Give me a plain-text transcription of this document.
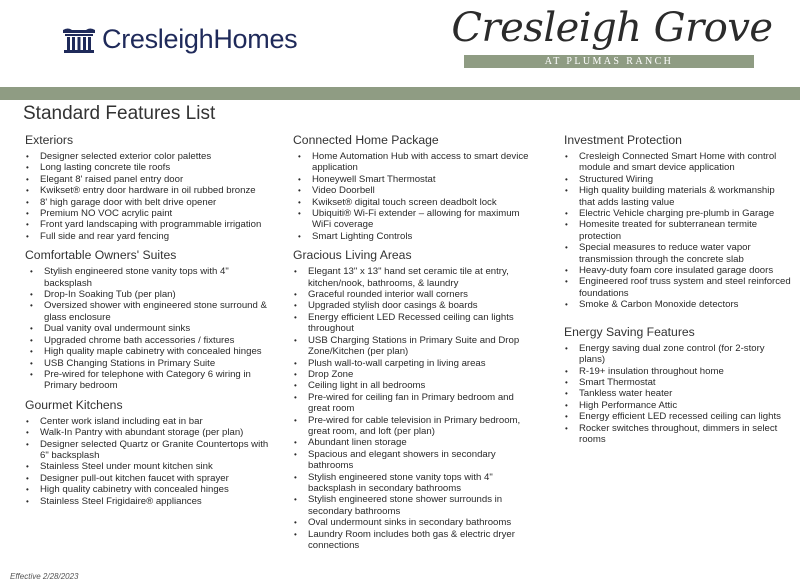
CresleighHomes	Cresleigh Grove
AT PLUMAS RANCH
Standard Features List
Exteriors
• Designer selected exterior color palettes
• Long lasting concrete tile roofs
• Elegant 8' raised panel entry door
• Kwikset® entry door hardware in oil rubbed bronze
• 8' high garage door with belt drive opener
• Premium NO VOC acrylic paint
• Front yard landscaping with programmable irrigation
• Full side and rear yard fencing
Comfortable Owners' Suites
• Stylish engineered stone vanity tops with 4" backsplash
• Drop-In Soaking Tub (per plan)
• Oversized shower with engineered stone surround & glass enclosure
• Dual vanity oval undermount sinks
• Upgraded chrome bath accessories / fixtures
• High quality maple cabinetry with concealed hinges
• USB Changing Stations in Primary Suite
• Pre-wired for telephone with Category 6 wiring in Primary bedroom
Gourmet Kitchens
• Center work island including eat in bar
• Walk-In Pantry with abundant storage (per plan)
• Designer selected Quartz or Granite Countertops with 6" backsplash
• Stainless Steel under mount kitchen sink
• Designer pull-out kitchen faucet with sprayer
• High quality cabinetry with concealed hinges
• Stainless Steel Frigidaire® appliances
Connected Home Package
• Home Automation Hub with access to smart device application
• Honeywell Smart Thermostat
• Video Doorbell
• Kwikset® digital touch screen deadbolt lock
• Ubiquiti® Wi-Fi extender – allowing for maximum WiFi coverage
• Smart Lighting Controls
Gracious Living Areas
• Elegant 13" x 13" hand set ceramic tile at entry, kitchen/nook, bathrooms, & laundry
• Graceful rounded interior wall corners
• Upgraded stylish door casings & boards
• Energy efficient LED Recessed ceiling can lights throughout
• USB Charging Stations in Primary Suite and Drop Zone/Kitchen (per plan)
• Plush wall-to-wall carpeting in living areas
• Drop Zone
• Ceiling light in all bedrooms
• Pre-wired for ceiling fan in Primary bedroom and great room
• Pre-wired for cable television in Primary bedroom, great room, and loft (per plan)
• Abundant linen storage
• Spacious and elegant showers in secondary bathrooms
• Stylish engineered stone vanity tops with 4" backsplash in secondary bathrooms
• Stylish engineered stone shower surrounds in secondary bathrooms
• Oval undermount sinks in secondary bathrooms
• Laundry Room includes both gas & electric dryer connections
Investment Protection
• Cresleigh Connected Smart Home with control module and smart device application
• Structured Wiring
• High quality building materials & workmanship that adds lasting value
• Electric Vehicle charging pre-plumb in Garage
• Homesite treated for subterranean termite protection
• Special measures to reduce water vapor transmission through the concrete slab
• Heavy-duty foam core insulated garage doors
• Engineered roof truss system and steel reinforced foundations
• Smoke & Carbon Monoxide detectors
Energy Saving Features
• Energy saving dual zone control (for 2-story plans)
• R-19+ insulation throughout home
• Smart Thermostat
• Tankless water heater
• High Performance Attic
• Energy efficient LED recessed ceiling can lights
• Rocker switches throughout, dimmers in select rooms
Effective 2/28/2023
